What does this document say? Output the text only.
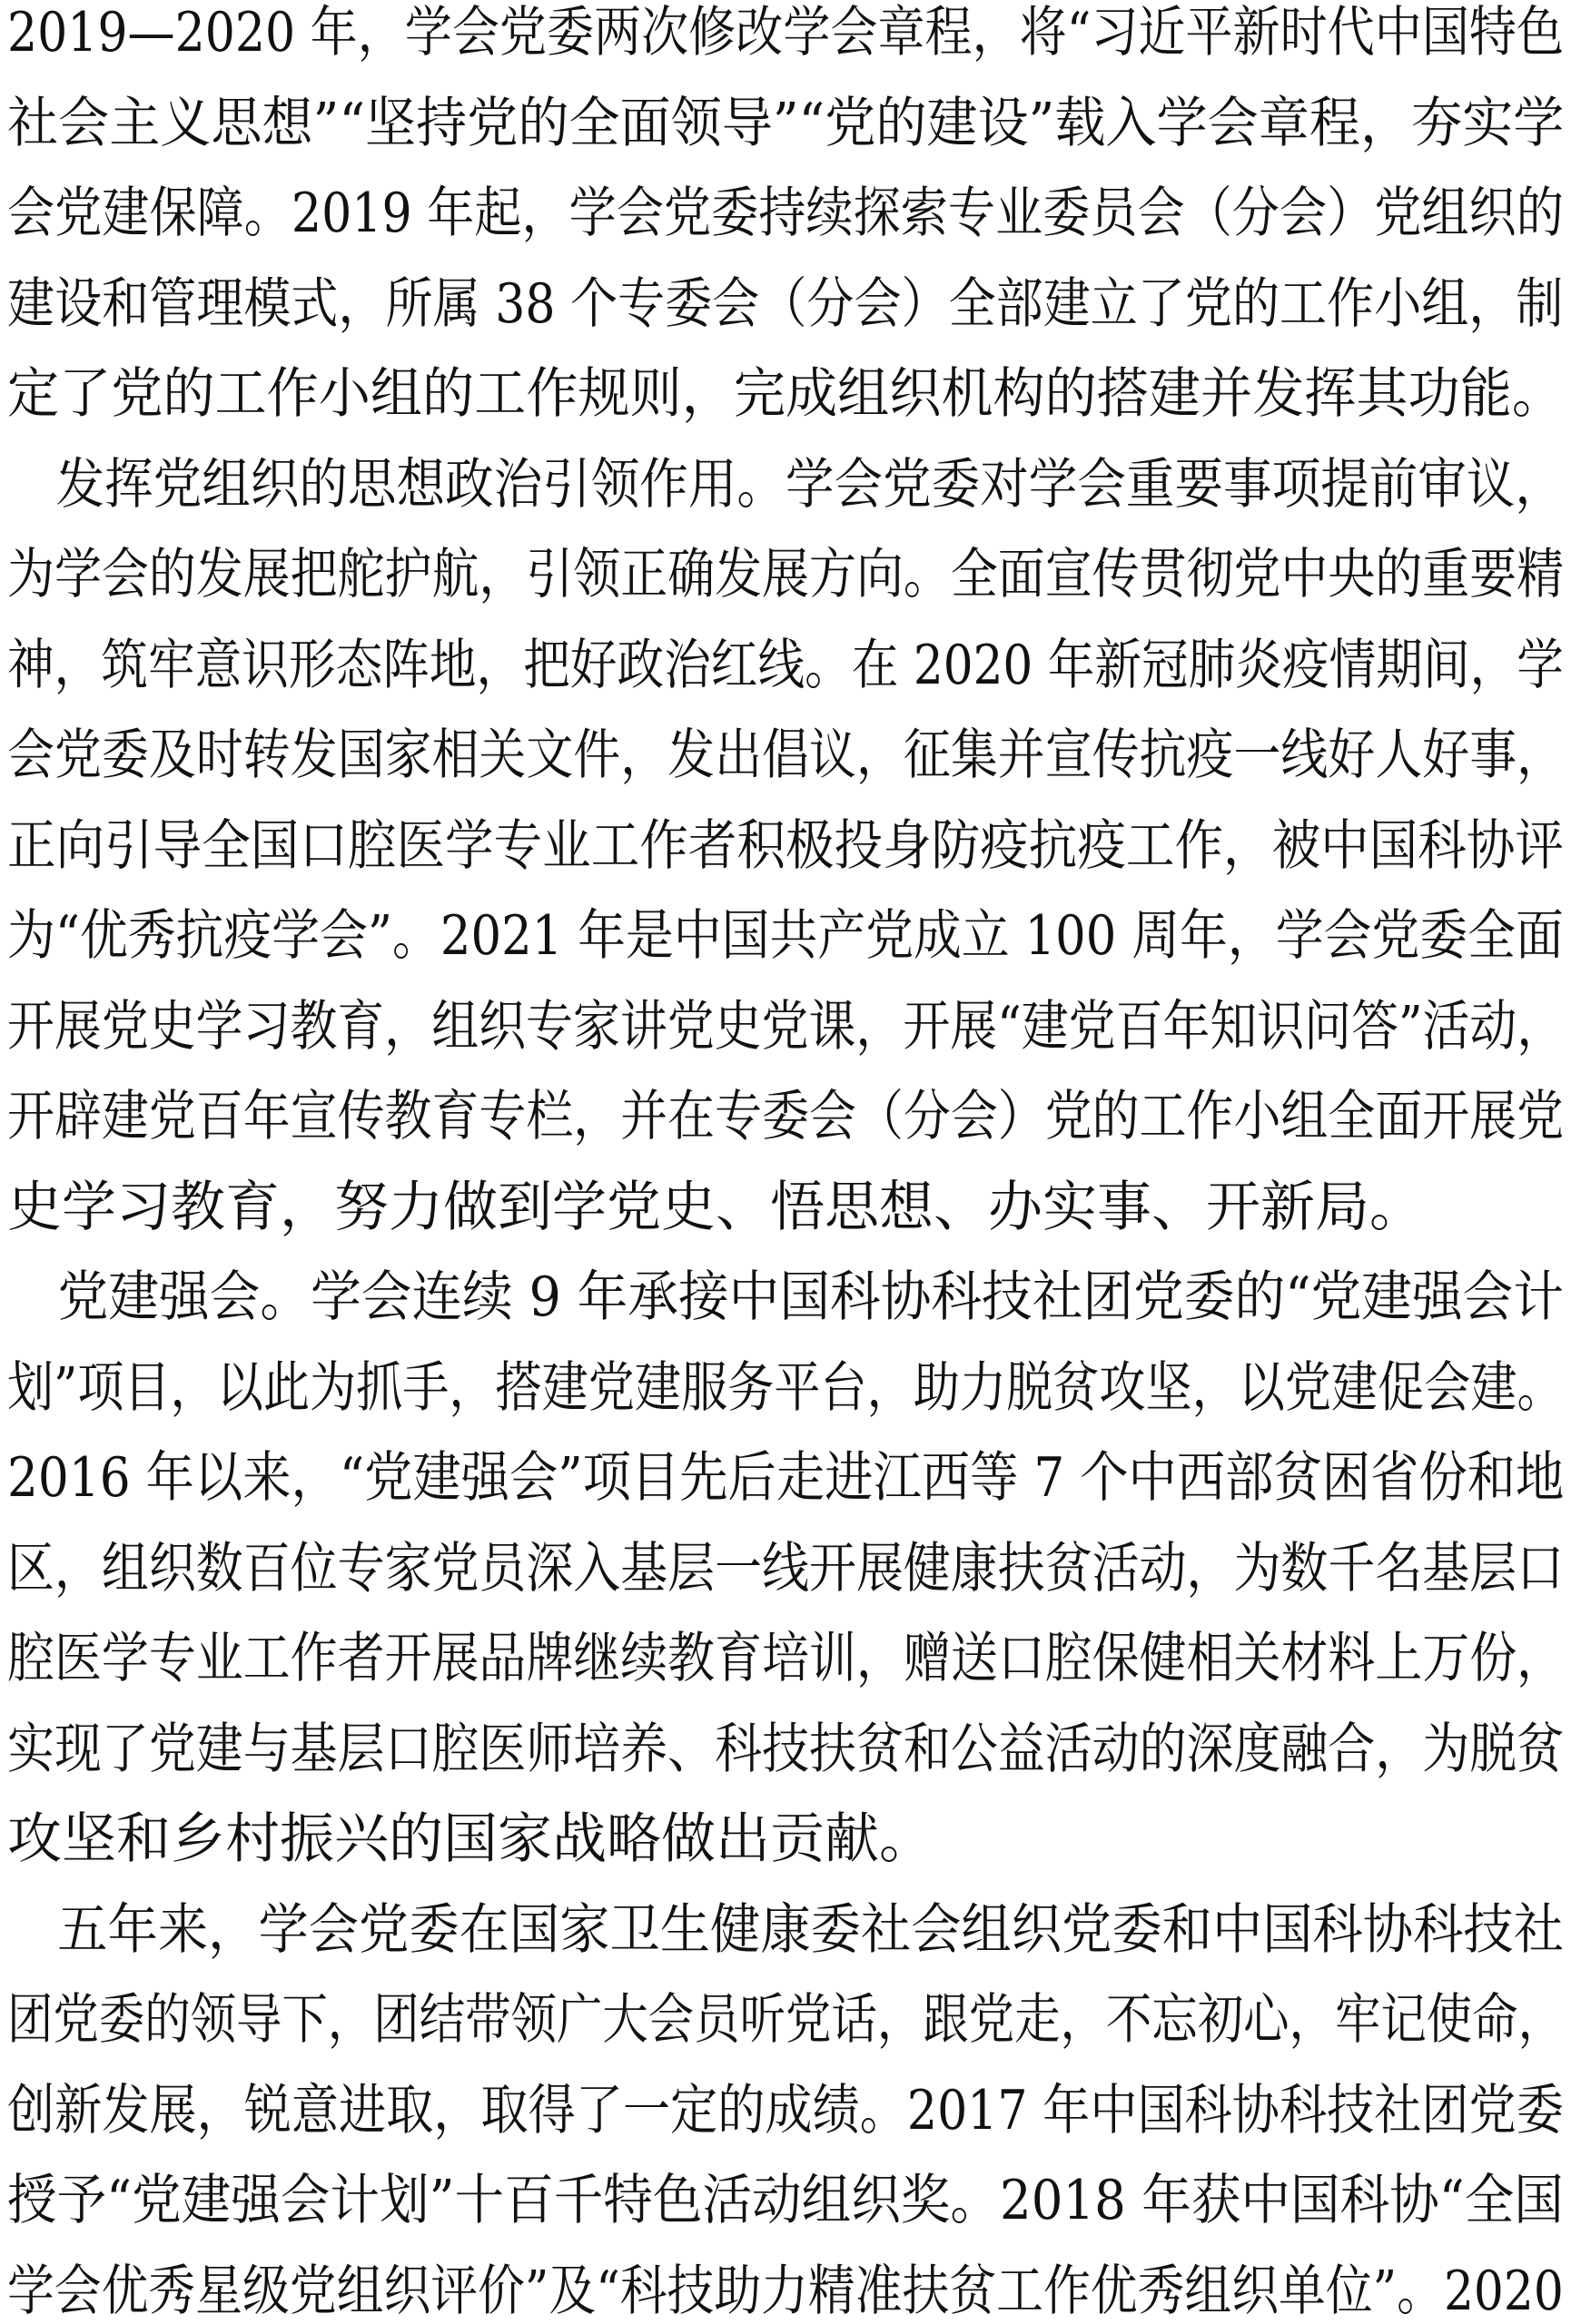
2019—2020 年，学会党委两次修改学会章程，将“习近平新时代中国特色
社会主义思想”“坚持党的全面领导”“党的建设”载入学会章程，夯实学
会党建保障。2019 年起，学会党委持续探索专业委员会（分会）党组织的
建设和管理模式，所属 38 个专委会（分会）全部建立了党的工作小组，制
定了党的工作小组的工作规则，完成组织机构的搭建并发挥其功能。
　发挥党组织的思想政治引领作用。学会党委对学会重要事项提前审议，
为学会的发展把舵护航，引领正确发展方向。全面宣传贯彻党中央的重要精
神，筑牢意识形态阵地，把好政治红线。在 2020 年新冠肺炎疫情期间，学
会党委及时转发国家相关文件，发出倡议，征集并宣传抗疫一线好人好事，
正向引导全国口腔医学专业工作者积极投身防疫抗疫工作，被中国科协评
为“优秀抗疫学会”。2021 年是中国共产党成立 100 周年，学会党委全面
开展党史学习教育，组织专家讲党史党课，开展“建党百年知识问答”活动，
开辟建党百年宣传教育专栏，并在专委会（分会）党的工作小组全面开展党
史学习教育，努力做到学党史、悟思想、办实事、开新局。
　党建强会。学会连续 9 年承接中国科协科技社团党委的“党建强会计
划”项目，以此为抓手，搭建党建服务平台，助力脱贫攻坚，以党建促会建。
2016 年以来，“党建强会”项目先后走进江西等 7 个中西部贫困省份和地
区，组织数百位专家党员深入基层一线开展健康扶贫活动，为数千名基层口
腔医学专业工作者开展品牌继续教育培训，赠送口腔保健相关材料上万份，
实现了党建与基层口腔医师培养、科技扶贫和公益活动的深度融合，为脱贫
攻坚和乡村振兴的国家战略做出贡献。
　五年来，学会党委在国家卫生健康委社会组织党委和中国科协科技社
团党委的领导下，团结带领广大会员听党话，跟党走，不忘初心，牢记使命，
创新发展，锐意进取，取得了一定的成绩。2017 年中国科协科技社团党委
授予“党建强会计划”十百千特色活动组织奖。2018 年获中国科协“全国
学会优秀星级党组织评价”及“科技助力精准扶贫工作优秀组织单位”。2020
